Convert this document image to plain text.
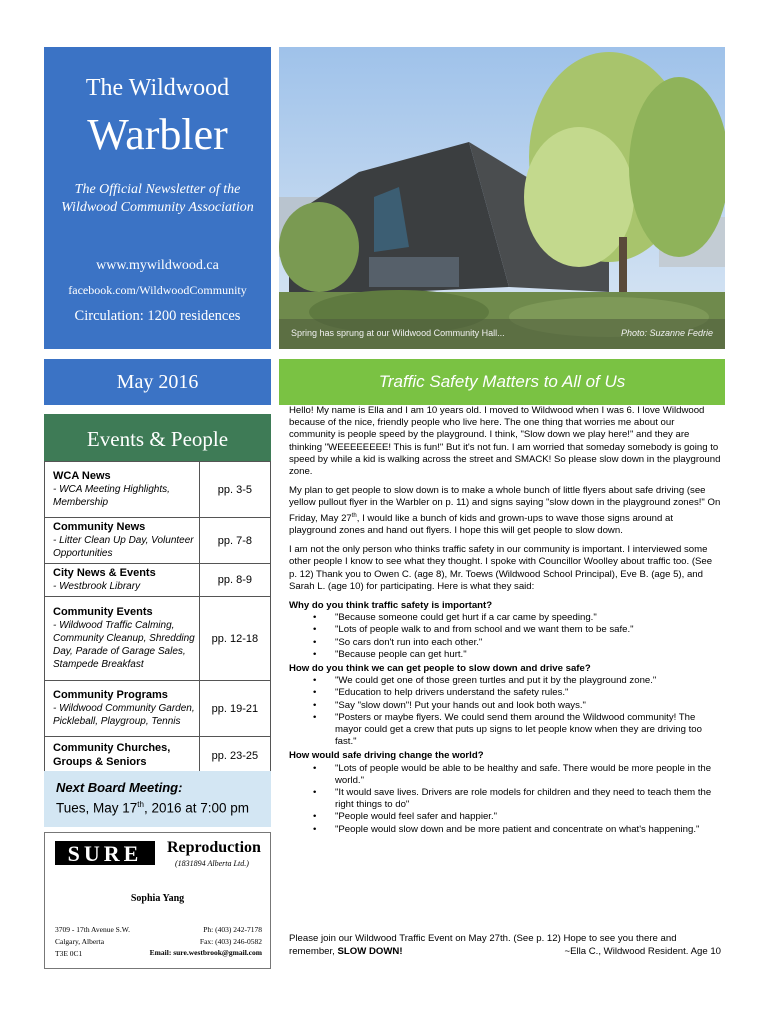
The Wildwood
Warbler
The Official Newsletter of the Wildwood Community Association
www.mywildwood.ca
facebook.com/WildwoodCommunity
Circulation: 1200 residences
Spring has sprung at our Wildwood Community Hall...	Photo: Suzanne Fedrie
May 2016
Events & People
WCA News
- WCA Meeting Highlights, Membership	pp. 3-5

Community News
- Litter Clean Up Day, Volunteer Opportunities	pp. 7-8

City News & Events
- Westbrook Library	pp. 8-9

Community Events
- Wildwood Traffic Calming, Community Cleanup, Shredding Day, Parade of Garage Sales, Stampede Breakfast	pp. 12-18

Community Programs
- Wildwood Community Garden, Pickleball, Playgroup, Tennis	pp. 19-21

Community Churches, Groups & Seniors	pp. 23-25
Next Board Meeting:
Tues, May 17th, 2016 at 7:00 pm
SURE	Reproduction
(1831894 Alberta Ltd.)
Sophia Yang
3709 - 17th Avenue S.W.
Calgary, Alberta
T3E 0C1
Ph: (403) 242-7178
Fax: (403) 246-0582
Email: sure.westbrook@gmail.com
Traffic Safety Matters to All of Us

Hello! My name is Ella and I am 10 years old. I moved to Wildwood when I was 6. I love Wildwood because of the nice, friendly people who live here. The one thing that worries me about our community is people speed by the playground. I think, "Slow down we play here!" and they are thinking "WEEEEEEEE! This is fun!" But it's not fun. I am worried that someday somebody is going to speed by while a kid is walking across the street and SMACK! So please slow down in the playground zone.

My plan to get people to slow down is to make a whole bunch of little flyers about safe driving (see yellow pullout flyer in the Warbler on p. 11) and signs saying "slow down in the playground zones!" On Friday, May 27th, I would like a bunch of kids and grown-ups to wave those signs around at playground zones and hand out flyers. I hope this will get people to slow down.

I am not the only person who thinks traffic safety in our community is important. I interviewed some other people I know to see what they thought. I spoke with Councillor Woolley about traffic too. (See p. 12) Thank you to Owen C. (age 8), Mr. Toews (Wildwood School Principal), Eve B. (age 5), and Sarah L. (age 10) for participating. Here is what they said:

Why do you think traffic safety is important?
• "Because someone could get hurt if a car came by speeding."
• "Lots of people walk to and from school and we want them to be safe."
• "So cars don't run into each other."
• "Because people can get hurt."
How do you think we can get people to slow down and drive safe?
• "We could get one of those green turtles and put it by the playground zone."
• "Education to help drivers understand the safety rules."
• "Say "slow down"! Put your hands out and look both ways."
• "Posters or maybe flyers. We could send them around the Wildwood community! The mayor could get a crew that puts up signs to let people know when they are driving too fast."
How would safe driving change the world?
• "Lots of people would be able to be healthy and safe. There would be more people in the world."
• "It would save lives. Drivers are role models for children and they need to teach them the right things to do"
• "People would feel safer and happier."
• "People would slow down and be more patient and concentrate on what's happening."
Please join our Wildwood Traffic Event on May 27th. (See p. 12) Hope to see you there and remember, SLOW DOWN!	~Ella C., Wildwood Resident. Age 10
